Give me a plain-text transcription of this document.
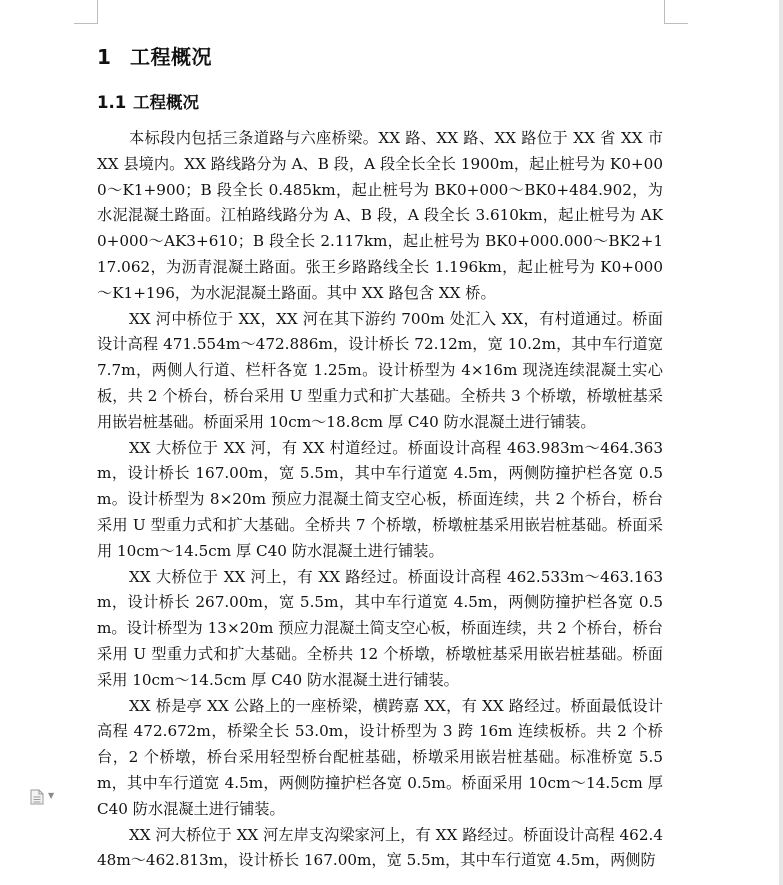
1 工程概况
1.1 工程概况

本标段内包括三条道路与六座桥梁。XX 路、XX 路、XX 路位于 XX 省 XX 市 XX 县境内。XX 路线路分为 A、B 段，A 段全长全长 1900m，起止桩号为 K0+000～K1+900；B 段全长 0.485km，起止桩号为 BK0+000～BK0+484.902，为水泥混凝土路面。江柏路线路分为 A、B 段，A 段全长 3.610km，起止桩号为 AK0+000～AK3+610；B 段全长 2.117km，起止桩号为 BK0+000.000～BK2+117.062，为沥青混凝土路面。张王乡路路线全长 1.196km，起止桩号为 K0+000～K1+196，为水泥混凝土路面。其中 XX 路包含 XX 桥。

XX 河中桥位于 XX，XX 河在其下游约 700m 处汇入 XX，有村道通过。桥面设计高程 471.554m～472.886m，设计桥长 72.12m，宽 10.2m，其中车行道宽 7.7m，两侧人行道、栏杆各宽 1.25m。设计桥型为 4×16m 现浇连续混凝土实心板，共 2 个桥台，桥台采用 U 型重力式和扩大基础。全桥共 3 个桥墩，桥墩桩基采用嵌岩桩基础。桥面采用 10cm～18.8cm 厚 C40 防水混凝土进行铺装。

XX 大桥位于 XX 河，有 XX 村道经过。桥面设计高程 463.983m～464.363m，设计桥长 167.00m，宽 5.5m，其中车行道宽 4.5m，两侧防撞护栏各宽 0.5m。设计桥型为 8×20m 预应力混凝土简支空心板，桥面连续，共 2 个桥台，桥台采用 U 型重力式和扩大基础。全桥共 7 个桥墩，桥墩桩基采用嵌岩桩基础。桥面采用 10cm～14.5cm 厚 C40 防水混凝土进行铺装。

XX 大桥位于 XX 河上，有 XX 路经过。桥面设计高程 462.533m～463.163m，设计桥长 267.00m，宽 5.5m，其中车行道宽 4.5m，两侧防撞护栏各宽 0.5m。设计桥型为 13×20m 预应力混凝土简支空心板，桥面连续，共 2 个桥台，桥台采用 U 型重力式和扩大基础。全桥共 12 个桥墩，桥墩桩基采用嵌岩桩基础。桥面采用 10cm～14.5cm 厚 C40 防水混凝土进行铺装。

XX 桥是亭 XX 公路上的一座桥梁，横跨嘉 XX，有 XX 路经过。桥面最低设计高程 472.672m，桥梁全长 53.0m，设计桥型为 3 跨 16m 连续板桥。共 2 个桥台，2 个桥墩，桥台采用轻型桥台配桩基础，桥墩采用嵌岩桩基础。标准桥宽 5.5m，其中车行道宽 4.5m，两侧防撞护栏各宽 0.5m。桥面采用 10cm～14.5cm 厚 C40 防水混凝土进行铺装。

XX 河大桥位于 XX 河左岸支沟梁家河上，有 XX 路经过。桥面设计高程 462.448m～462.813m，设计桥长 167.00m，宽 5.5m，其中车行道宽 4.5m，两侧防

▼
